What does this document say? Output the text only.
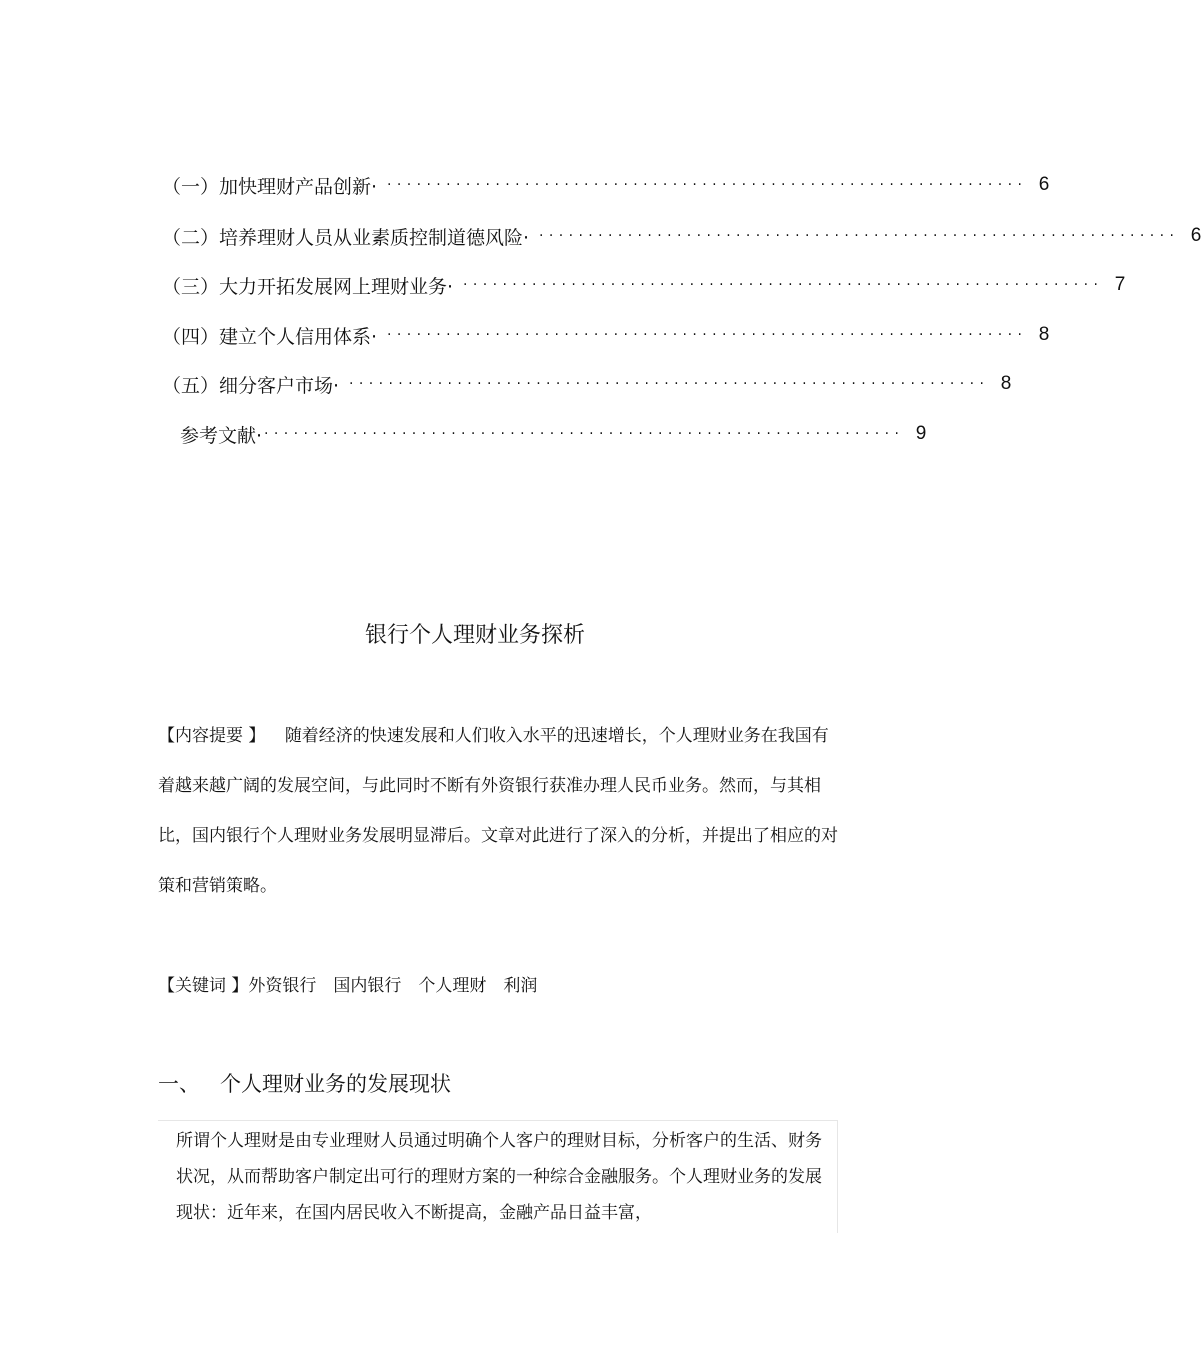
（一）加快理财产品创新· ································································· 6
（二）培养理财人员从业素质控制道德风险· ································································· 6
（三）大力开拓发展网上理财业务· ································································· 7
（四）建立个人信用体系· ································································· 8
（五）细分客户市场· ································································· 8
参考文献· ································································· 9
银行个人理财业务探析
【内容提要 】 随着经济的快速发展和人们收入水平的迅速增长，个人理财业务在我国有着越来越广阔的发展空间，与此同时不断有外资银行获准办理人民币业务。然而，与其相比，国内银行个人理财业务发展明显滞后。文章对此进行了深入的分析，并提出了相应的对策和营销策略。
【关键词 】外资银行　国内银行　个人理财　利润
一、 个人理财业务的发展现状
所谓个人理财是由专业理财人员通过明确个人客户的理财目标，分析客户的生活、财务状况，从而帮助客户制定出可行的理财方案的一种综合金融服务。个人理财业务的发展现状：近年来，在国内居民收入不断提高，金融产品日益丰富，
